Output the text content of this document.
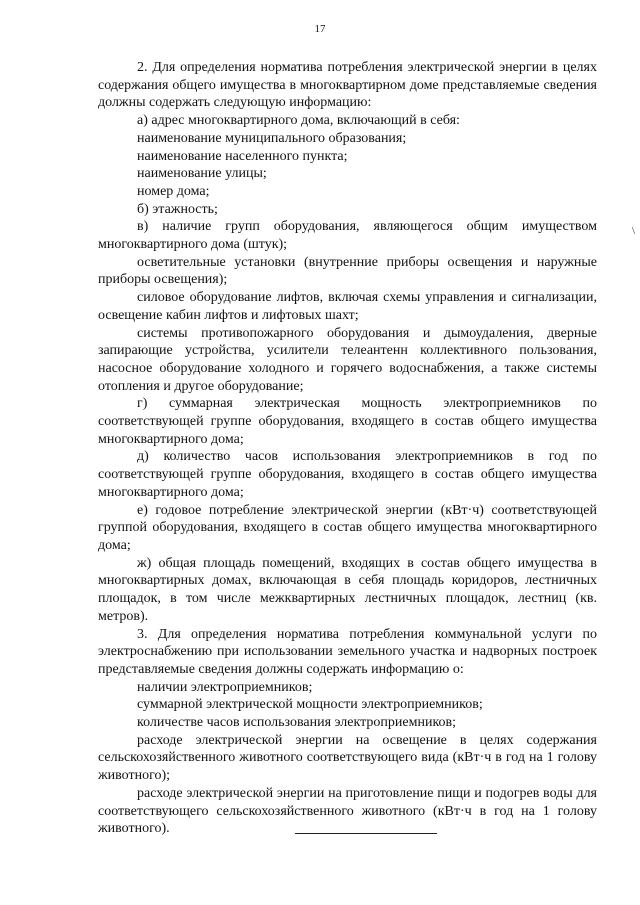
17

2. Для определения норматива потребления электрической энергии в целях содержания общего имущества в многоквартирном доме представляемые сведения должны содержать следующую информацию:

а) адрес многоквартирного дома, включающий в себя:

наименование муниципального образования;

наименование населенного пункта;

наименование улицы;

номер дома;

б) этажность;

в) наличие групп оборудования, являющегося общим имуществом многоквартирного дома (штук);

осветительные установки (внутренние приборы освещения и наружные приборы освещения);

силовое оборудование лифтов, включая схемы управления и сигнализации, освещение кабин лифтов и лифтовых шахт;

системы противопожарного оборудования и дымоудаления, дверные запирающие устройства, усилители телеантенн коллективного пользования, насосное оборудование холодного и горячего водоснабжения, а также системы отопления и другое оборудование;

г) суммарная электрическая мощность электроприемников по соответствующей группе оборудования, входящего в состав общего имущества многоквартирного дома;

д) количество часов использования электроприемников в год по соответствующей группе оборудования, входящего в состав общего имущества многоквартирного дома;

е) годовое потребление электрической энергии (кВт·ч) соответствующей группой оборудования, входящего в состав общего имущества многоквартирного дома;

ж) общая площадь помещений, входящих в состав общего имущества в многоквартирных домах, включающая в себя площадь коридоров, лестничных площадок, в том числе межквартирных лестничных площадок, лестниц (кв. метров).

3. Для определения норматива потребления коммунальной услуги по электроснабжению при использовании земельного участка и надворных построек представляемые сведения должны содержать информацию о:

наличии электроприемников;

суммарной электрической мощности электроприемников;

количестве часов использования электроприемников;

расходе электрической энергии на освещение в целях содержания сельскохозяйственного животного соответствующего вида (кВт·ч в год на 1 голову животного);

расходе электрической энергии на приготовление пищи и подогрев воды для соответствующего сельскохозяйственного животного (кВт·ч в год на 1 голову животного).

\
